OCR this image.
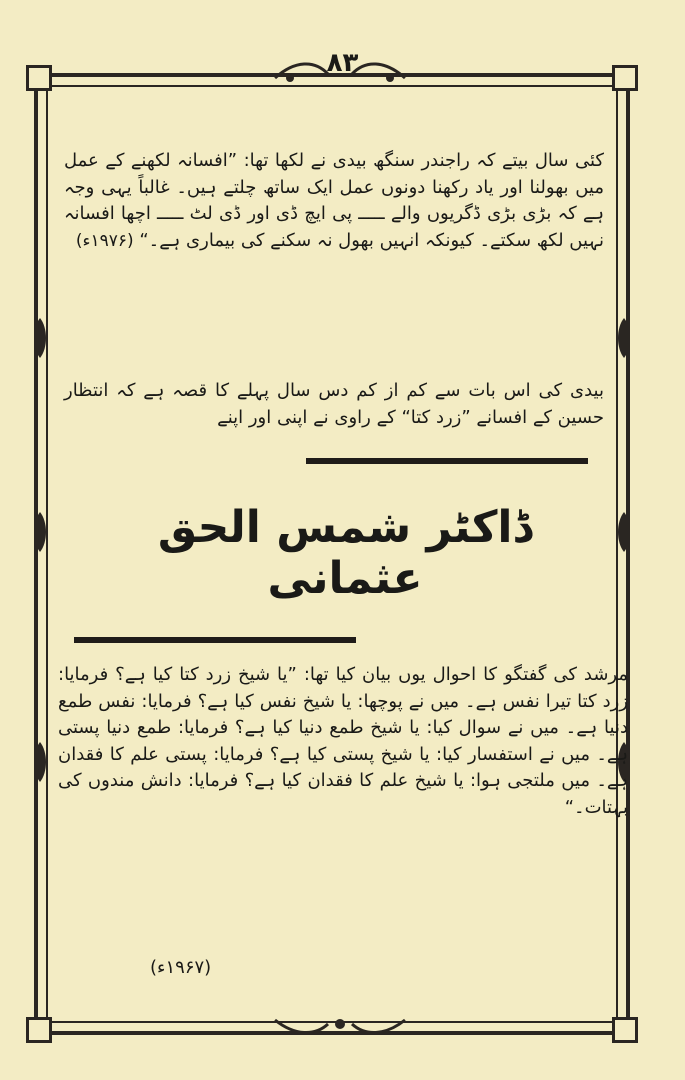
۸۳
کئی سال بیتے کہ راجندر سنگھ بیدی نے لکھا تھا: ”افسانہ لکھنے کے عمل میں بھولنا اور یاد رکھنا دونوں عمل ایک ساتھ چلتے ہیں۔ غالباً یہی وجہ ہے کہ بڑی بڑی ڈگریوں والے ـــــ پی ایچ ڈی اور ڈی لٹ ـــــ اچھا افسانہ نہیں لکھ سکتے۔ کیونکہ انہیں بھول نہ سکنے کی بیماری ہے۔“ (۱۹۷۶ء)
بیدی کی اس بات سے کم از کم دس سال پہلے کا قصہ ہے کہ انتظار حسین کے افسانے ”زرد کتا“ کے راوی نے اپنی اور اپنے
ڈاکٹر شمس الحق عثمانی
مرشد کی گفتگو کا احوال یوں بیان کیا تھا: ”یا شیخ زرد کتا کیا ہے؟ فرمایا: زرد کتا تیرا نفس ہے۔ میں نے پوچھا: یا شیخ نفس کیا ہے؟ فرمایا: نفس طمع دنیا ہے۔ میں نے سوال کیا: یا شیخ طمع دنیا کیا ہے؟ فرمایا: طمع دنیا پستی ہے۔ میں نے استفسار کیا: یا شیخ پستی کیا ہے؟ فرمایا: پستی علم کا فقدان ہے۔ میں ملتجی ہوا: یا شیخ علم کا فقدان کیا ہے؟ فرمایا: دانش مندوں کی بہتات۔“
(۱۹۶۷ء)
